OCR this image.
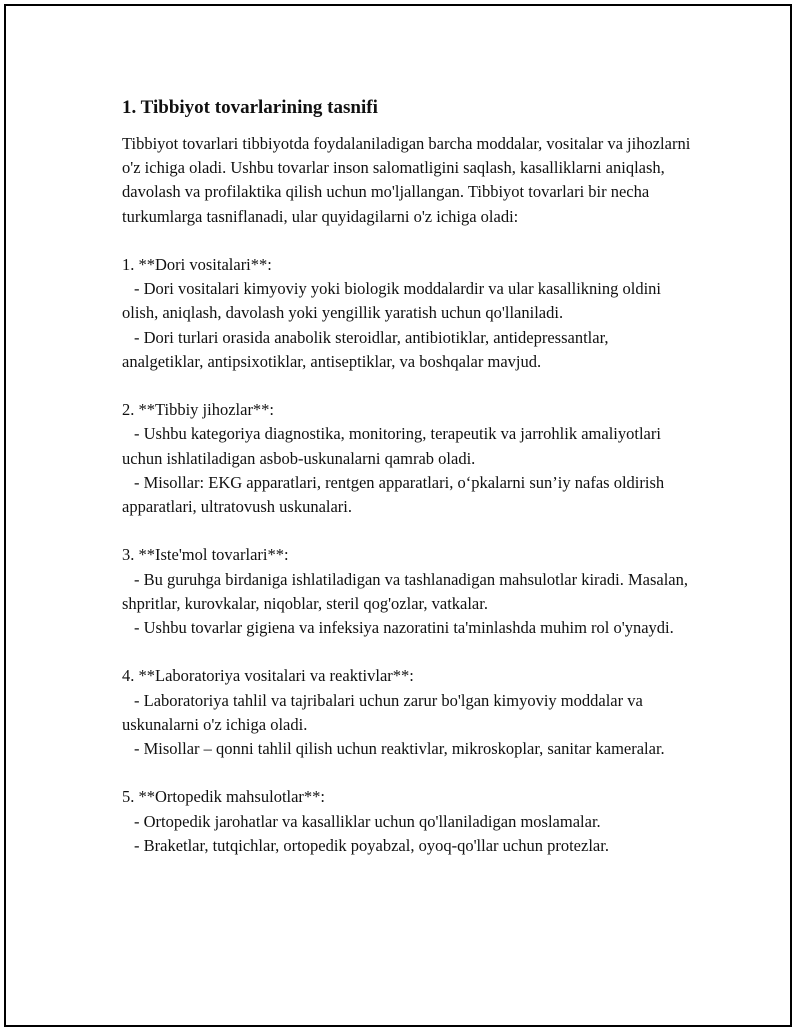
1. Tibbiyot tovarlarining tasnifi

Tibbiyot tovarlari tibbiyotda foydalaniladigan barcha moddalar, vositalar va jihozlarni o'z ichiga oladi. Ushbu tovarlar inson salomatligini saqlash, kasalliklarni aniqlash, davolash va profilaktika qilish uchun mo'ljallangan. Tibbiyot tovarlari bir necha turkumlarga tasniflanadi, ular quyidagilarni o'z ichiga oladi:

1. **Dori vositalari**:

- Dori vositalari kimyoviy yoki biologik moddalardir va ular kasallikning oldini olish, aniqlash, davolash yoki yengillik yaratish uchun qo'llaniladi.

- Dori turlari orasida anabolik steroidlar, antibiotiklar, antidepressantlar, analgetiklar, antipsixotiklar, antiseptiklar, va boshqalar mavjud.

2. **Tibbiy jihozlar**:

- Ushbu kategoriya diagnostika, monitoring, terapeutik va jarrohlik amaliyotlari uchun ishlatiladigan asbob-uskunalarni qamrab oladi.

- Misollar: EKG apparatlari, rentgen apparatlari, o‘pkalarni sun’iy nafas oldirish apparatlari, ultratovush uskunalari.

3. **Iste'mol tovarlari**:

- Bu guruhga birdaniga ishlatiladigan va tashlanadigan mahsulotlar kiradi. Masalan, shpritlar, kurovkalar, niqoblar, steril qog'ozlar, vatkalar.

- Ushbu tovarlar gigiena va infeksiya nazoratini ta'minlashda muhim rol o'ynaydi.

4. **Laboratoriya vositalari va reaktivlar**:

- Laboratoriya tahlil va tajribalari uchun zarur bo'lgan kimyoviy moddalar va uskunalarni o'z ichiga oladi.

- Misollar – qonni tahlil qilish uchun reaktivlar, mikroskoplar, sanitar kameralar.

5. **Ortopedik mahsulotlar**:

- Ortopedik jarohatlar va kasalliklar uchun qo'llaniladigan moslamalar.

- Braketlar, tutqichlar, ortopedik poyabzal, oyoq-qo'llar uchun protezlar.
